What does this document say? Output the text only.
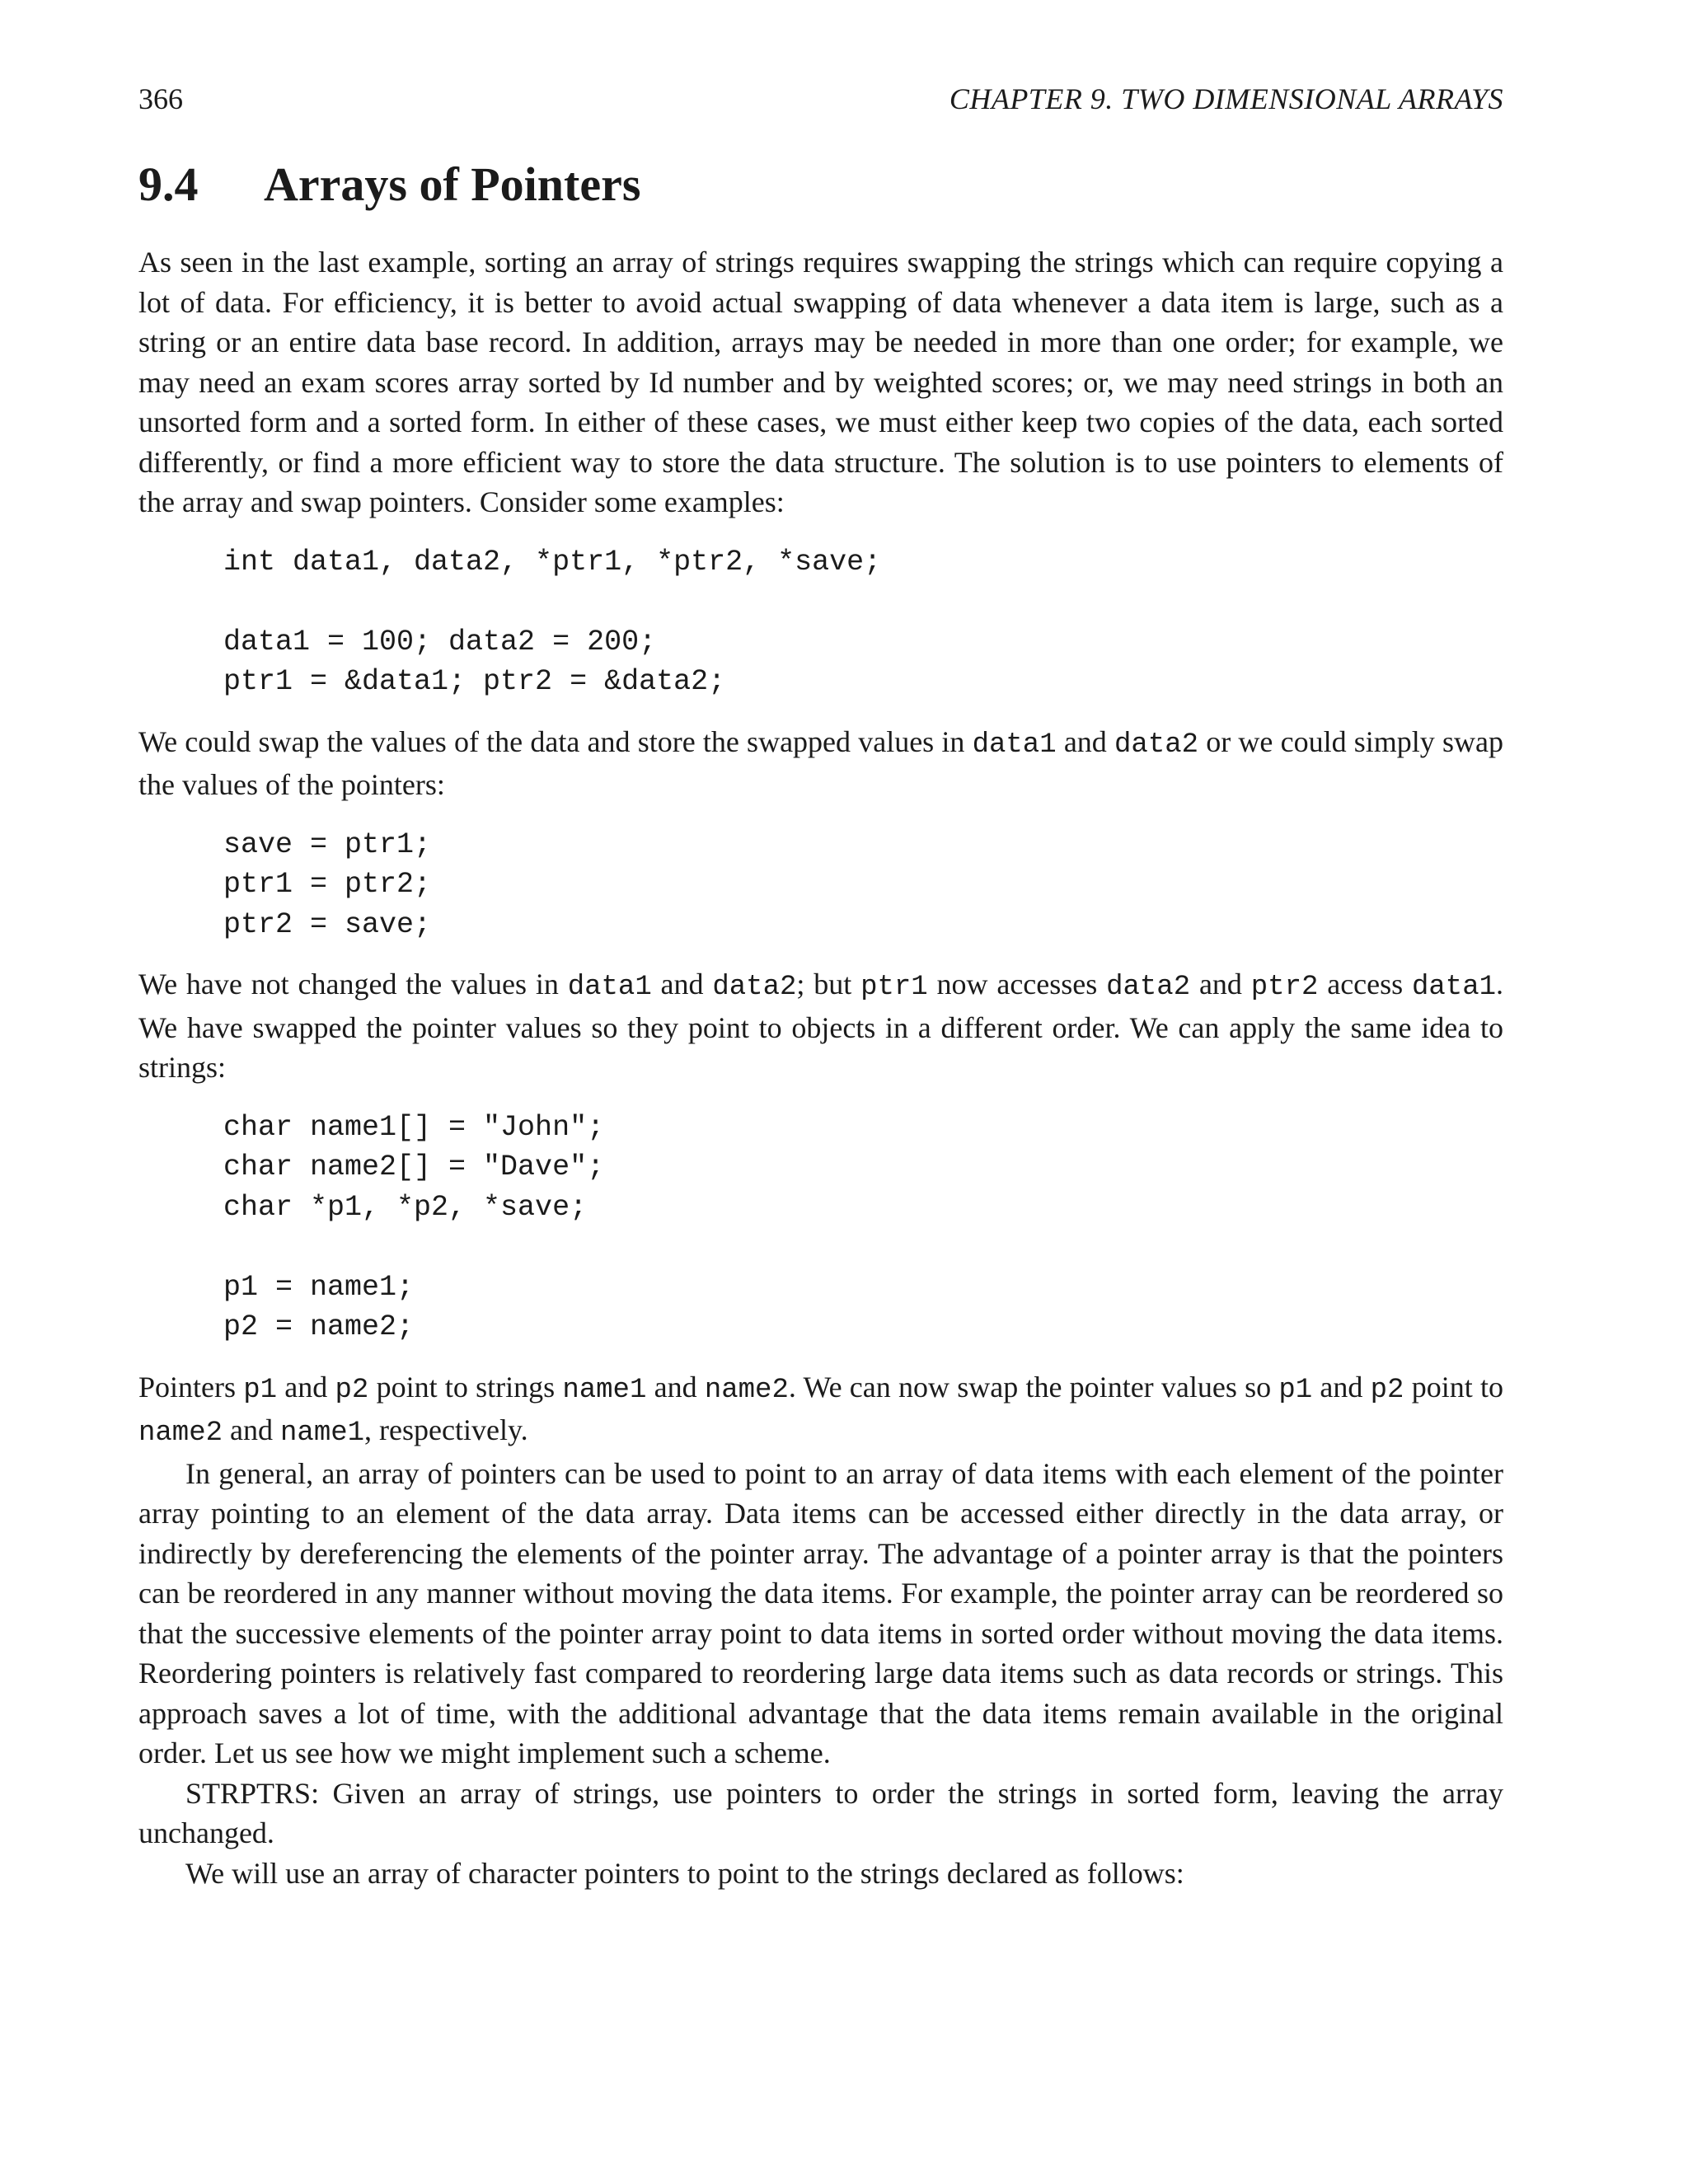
366	CHAPTER 9. TWO DIMENSIONAL ARRAYS
9.4	Arrays of Pointers

As seen in the last example, sorting an array of strings requires swapping the strings which can require copying a lot of data. For efficiency, it is better to avoid actual swapping of data whenever a data item is large, such as a string or an entire data base record. In addition, arrays may be needed in more than one order; for example, we may need an exam scores array sorted by Id number and by weighted scores; or, we may need strings in both an unsorted form and a sorted form. In either of these cases, we must either keep two copies of the data, each sorted differently, or find a more efficient way to store the data structure. The solution is to use pointers to elements of the array and swap pointers. Consider some examples:

int data1, data2, *ptr1, *ptr2, *save;
data1 = 100; data2 = 200;
ptr1 = &data1; ptr2 = &data2;

We could swap the values of the data and store the swapped values in data1 and data2 or we could simply swap the values of the pointers:

save = ptr1;
ptr1 = ptr2;
ptr2 = save;

We have not changed the values in data1 and data2; but ptr1 now accesses data2 and ptr2 access data1. We have swapped the pointer values so they point to objects in a different order. We can apply the same idea to strings:

char name1[] = "John";
char name2[] = "Dave";
char *p1, *p2, *save;
p1 = name1;
p2 = name2;

Pointers p1 and p2 point to strings name1 and name2. We can now swap the pointer values so p1 and p2 point to name2 and name1, respectively.

In general, an array of pointers can be used to point to an array of data items with each element of the pointer array pointing to an element of the data array. Data items can be accessed either directly in the data array, or indirectly by dereferencing the elements of the pointer array. The advantage of a pointer array is that the pointers can be reordered in any manner without moving the data items. For example, the pointer array can be reordered so that the successive elements of the pointer array point to data items in sorted order without moving the data items. Reordering pointers is relatively fast compared to reordering large data items such as data records or strings. This approach saves a lot of time, with the additional advantage that the data items remain available in the original order. Let us see how we might implement such a scheme.

STRPTRS: Given an array of strings, use pointers to order the strings in sorted form, leaving the array unchanged.

We will use an array of character pointers to point to the strings declared as follows:
